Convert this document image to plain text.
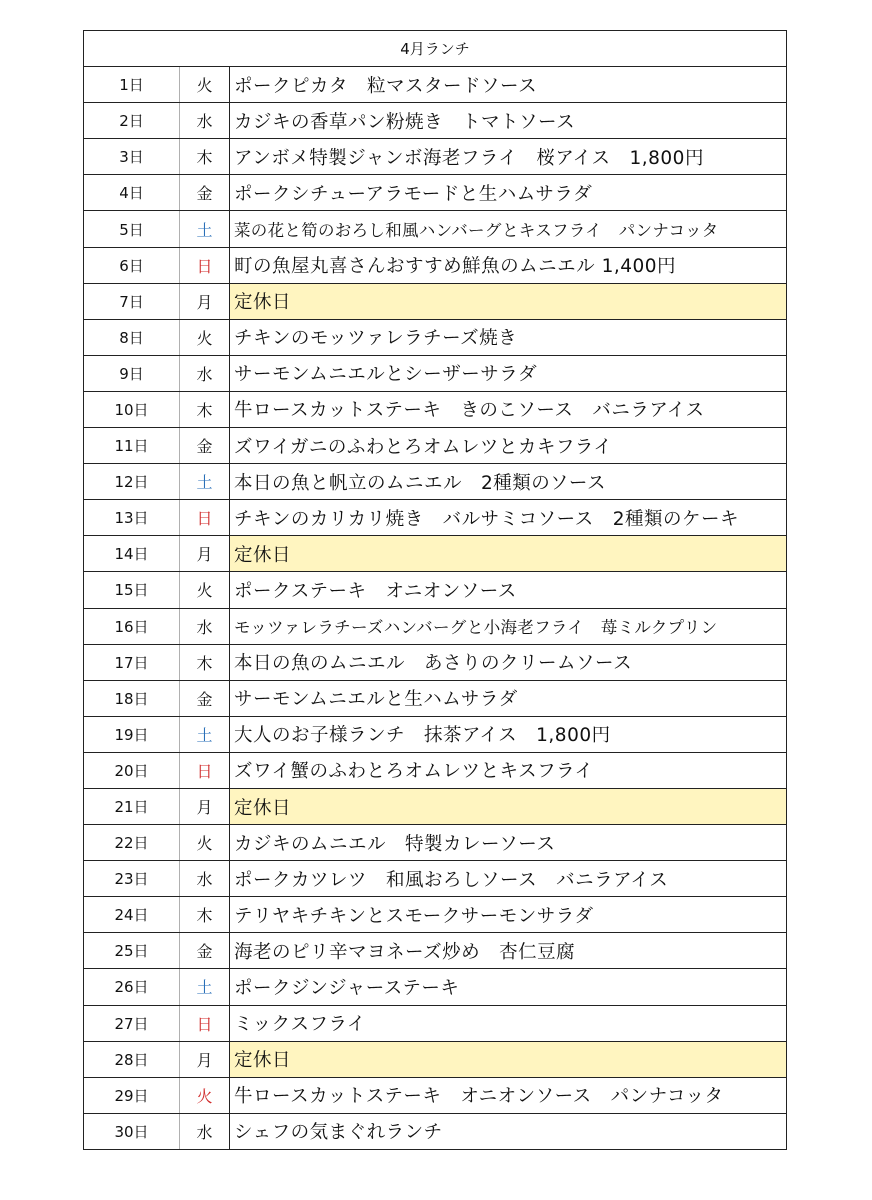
4月ランチ		
1日	火	ポークピカタ　粒マスタードソース
2日	水	カジキの香草パン粉焼き　トマトソース
3日	木	アンボメ特製ジャンボ海老フライ　桜アイス　1,800円
4日	金	ポークシチューアラモードと生ハムサラダ
5日	土	菜の花と筍のおろし和風ハンバーグとキスフライ　パンナコッタ
6日	日	町の魚屋丸喜さんおすすめ鮮魚のムニエル 1,400円
7日	月	定休日
8日	火	チキンのモッツァレラチーズ焼き
9日	水	サーモンムニエルとシーザーサラダ
10日	木	牛ロースカットステーキ　きのこソース　バニラアイス
11日	金	ズワイガニのふわとろオムレツとカキフライ
12日	土	本日の魚と帆立のムニエル　2種類のソース
13日	日	チキンのカリカリ焼き　バルサミコソース　2種類のケーキ
14日	月	定休日
15日	火	ポークステーキ　オニオンソース
16日	水	モッツァレラチーズハンバーグと小海老フライ　苺ミルクプリン
17日	木	本日の魚のムニエル　あさりのクリームソース
18日	金	サーモンムニエルと生ハムサラダ
19日	土	大人のお子様ランチ　抹茶アイス　1,800円
20日	日	ズワイ蟹のふわとろオムレツとキスフライ
21日	月	定休日
22日	火	カジキのムニエル　特製カレーソース
23日	水	ポークカツレツ　和風おろしソース　バニラアイス
24日	木	テリヤキチキンとスモークサーモンサラダ
25日	金	海老のピリ辛マヨネーズ炒め　杏仁豆腐
26日	土	ポークジンジャーステーキ
27日	日	ミックスフライ
28日	月	定休日
29日	火	牛ロースカットステーキ　オニオンソース　パンナコッタ
30日	水	シェフの気まぐれランチ
